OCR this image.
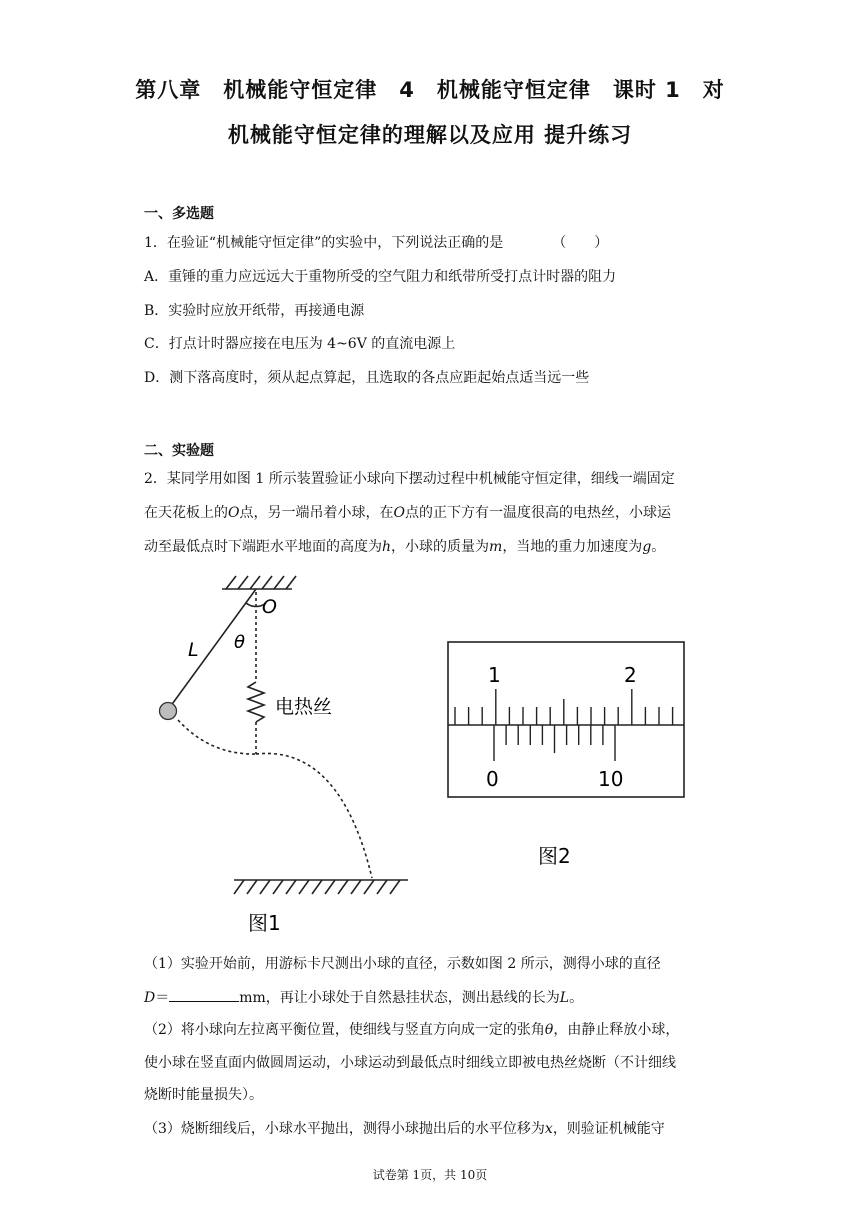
第八章　机械能守恒定律　4　机械能守恒定律　课时 1　对
机械能守恒定律的理解以及应用 提升练习
一、多选题
1．在验证“机械能守恒定律”的实验中，下列说法正确的是　　　　（　　）
A．重锤的重力应远远大于重物所受的空气阻力和纸带所受打点计时器的阻力
B．实验时应放开纸带，再接通电源
C．打点计时器应接在电压为 4~6V 的直流电源上
D．测下落高度时，须从起点算起，且选取的各点应距起始点适当远一些
二、实验题
2．某同学用如图 1 所示装置验证小球向下摆动过程中机械能守恒定律，细线一端固定
在天花板上的O点，另一端吊着小球，在O点的正下方有一温度很高的电热丝，小球运
动至最低点时下端距水平地面的高度为h，小球的质量为m，当地的重力加速度为g。
O
L θ
电热丝
图1
1	2
0	10
图2
（1）实验开始前，用游标卡尺测出小球的直径，示数如图 2 所示，测得小球的直径
D＝	mm，再让小球处于自然悬挂状态，测出悬线的长为L。
（2）将小球向左拉离平衡位置，使细线与竖直方向成一定的张角θ，由静止释放小球，
使小球在竖直面内做圆周运动，小球运动到最低点时细线立即被电热丝烧断（不计细线
烧断时能量损失）。
（3）烧断细线后，小球水平抛出，测得小球抛出后的水平位移为x，则验证机械能守
试卷第 1页，共 10页
